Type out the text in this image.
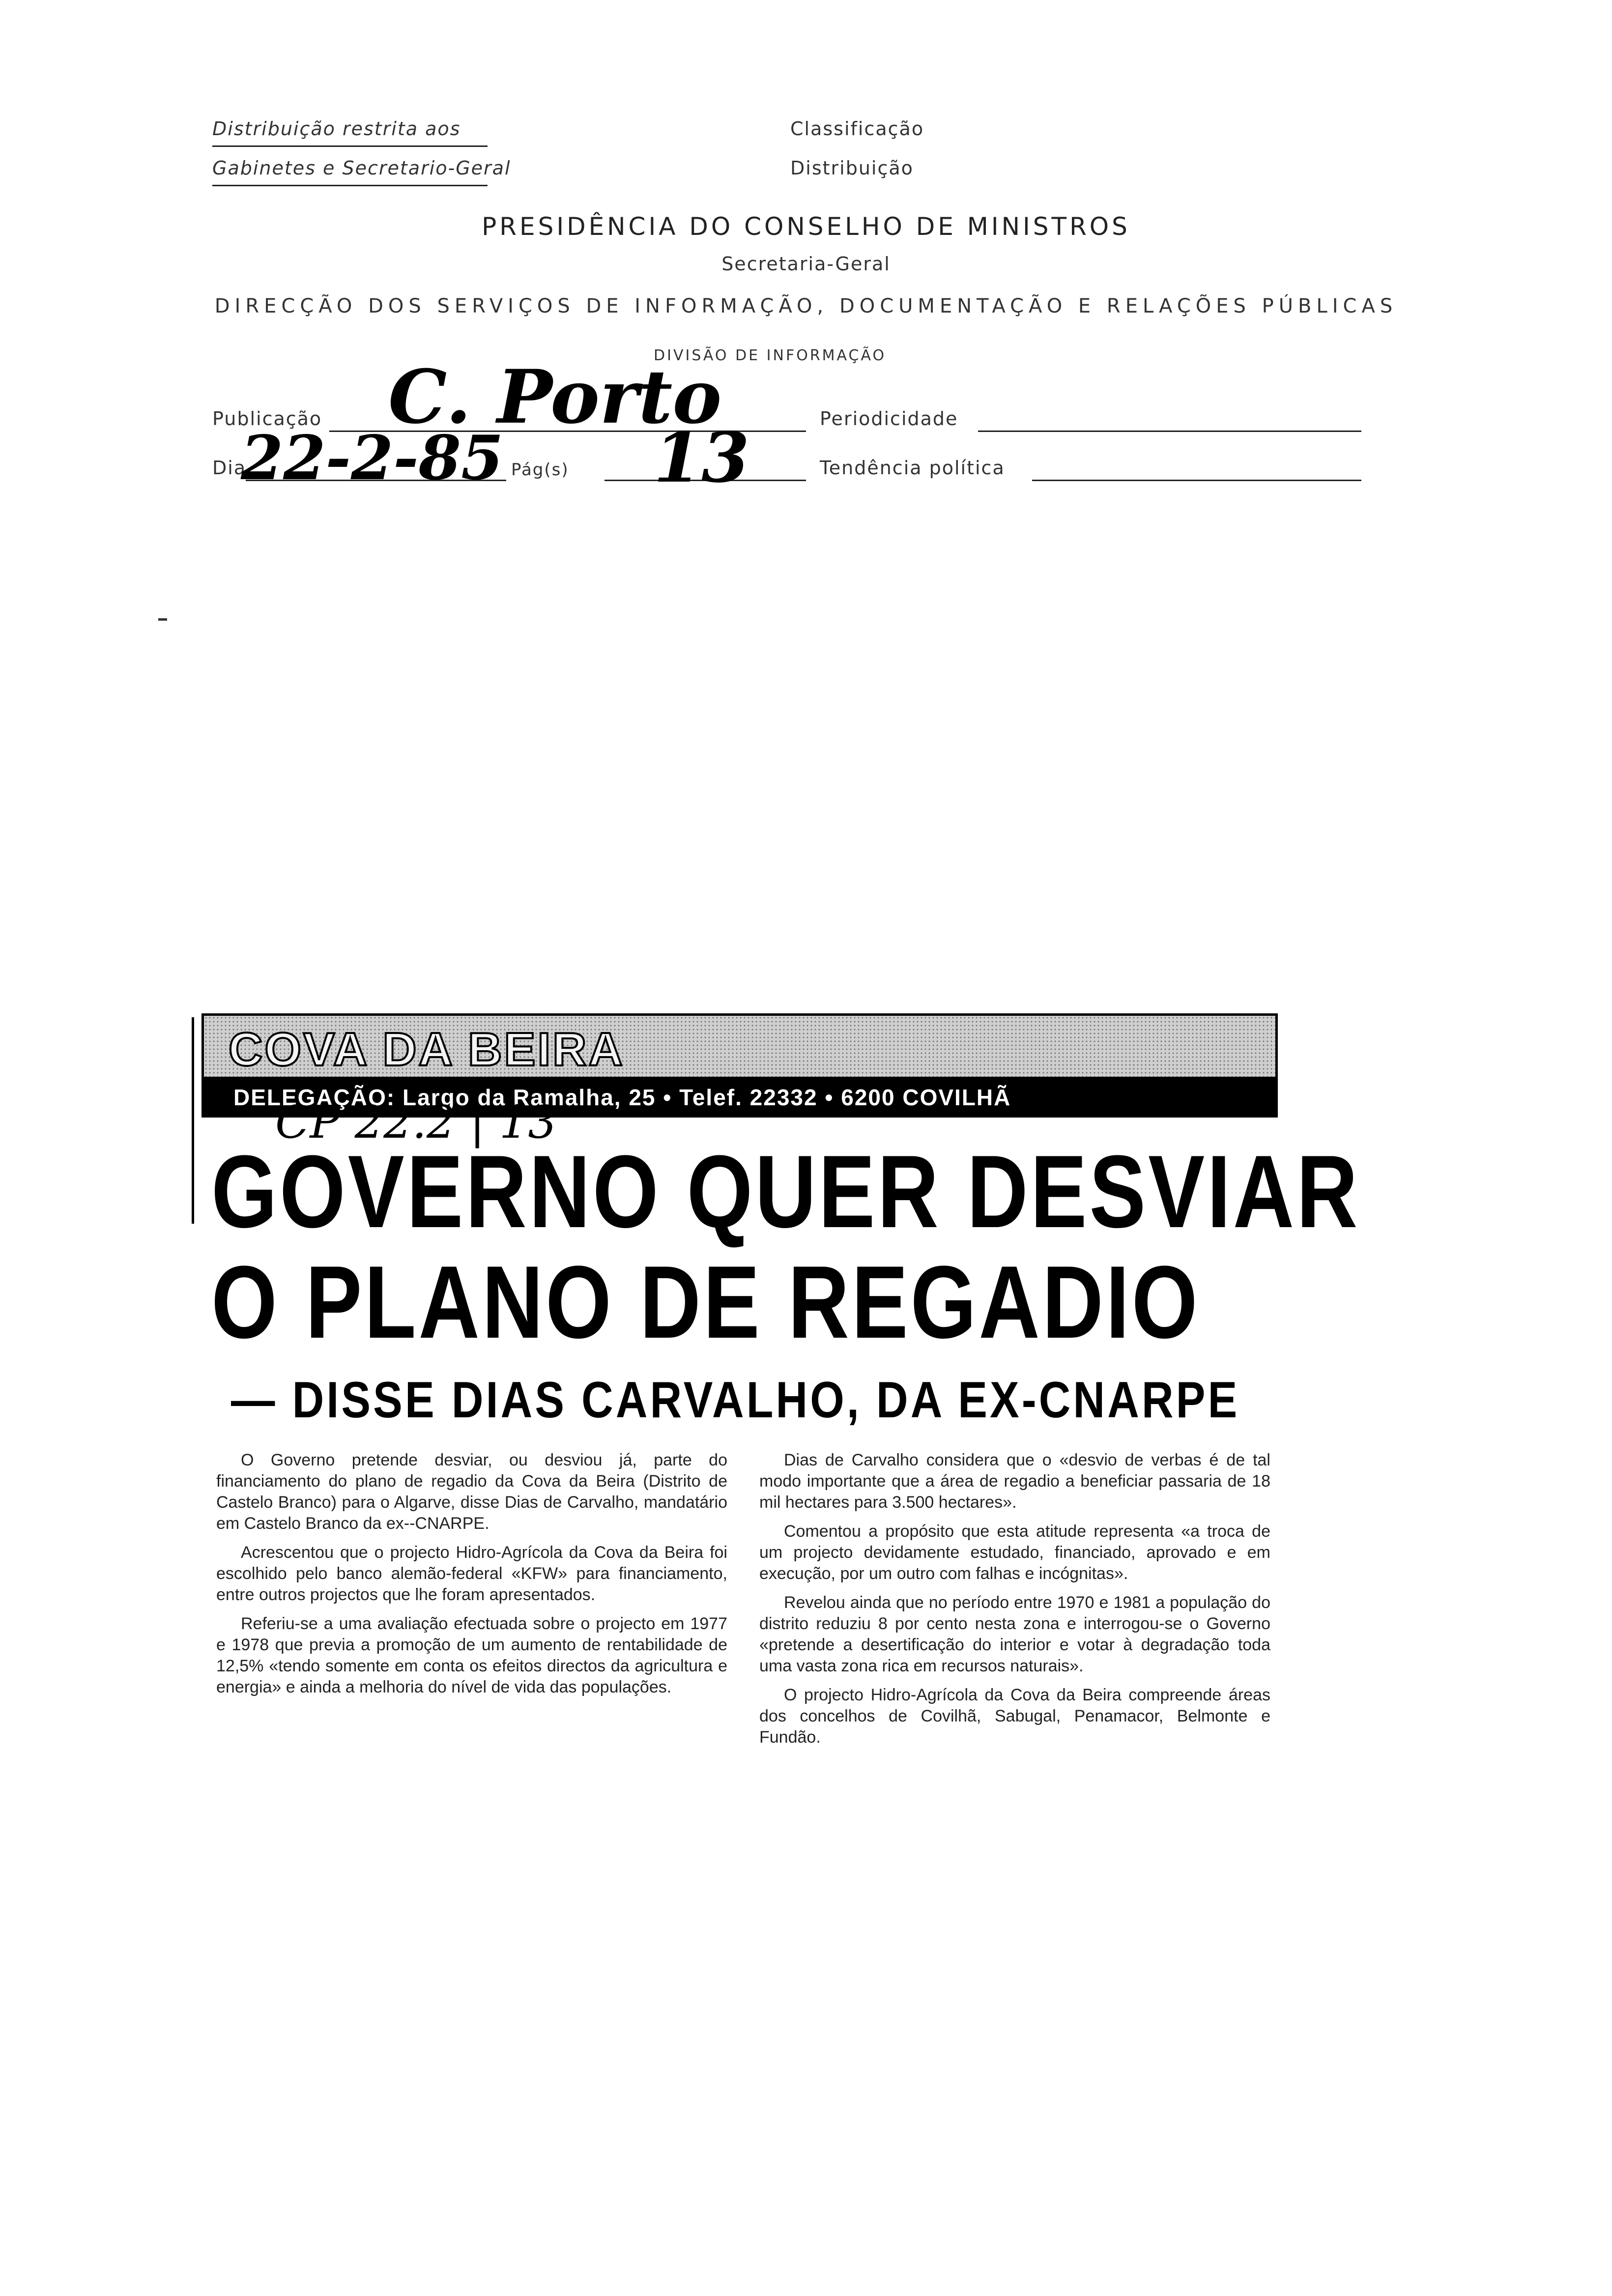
Distribuição restrita aos
Gabinetes e Secretario-Geral
Classificação
Distribuição
PRESIDÊNCIA DO CONSELHO DE MINISTROS
Secretaria-Geral
DIRECÇÃO DOS SERVIÇOS DE INFORMAÇÃO, DOCUMENTAÇÃO E RELAÇÕES PÚBLICAS
DIVISÃO DE INFORMAÇÃO
Publicação C. Porto	Periodicidade
Dia
22-2-85 Pág(s) 13	Tendência política
COVA DA BEIRA
DELEGAÇÃO: Largo da Ramalha, 25 • Telef. 22332 • 6200 COVILHÃ
CP 22.2 | 13
GOVERNO QUER DESVIAR
O PLANO DE REGADIO
— DISSE DIAS CARVALHO, DA EX-CNARPE

O Governo pretende desviar, ou desviou já, parte do financiamento do plano de regadio da Cova da Beira (Distrito de Castelo Branco) para o Algarve, disse Dias de Carvalho, mandatário em Castelo Branco da ex--CNARPE.

Acrescentou que o projecto Hidro-Agrícola da Cova da Beira foi escolhido pelo banco alemão-federal «KFW» para financiamento, entre outros projectos que lhe foram apresentados.

Referiu-se a uma avaliação efectuada sobre o projecto em 1977 e 1978 que previa a promoção de um aumento de rentabilidade de 12,5% «tendo somente em conta os efeitos directos da agricultura e energia» e ainda a melhoria do nível de vida das populações.

Dias de Carvalho considera que o «desvio de verbas é de tal modo importante que a área de regadio a beneficiar passaria de 18 mil hectares para 3.500 hectares».

Comentou a propósito que esta atitude representa «a troca de um projecto devidamente estudado, financiado, aprovado e em execução, por um outro com falhas e incógnitas».

Revelou ainda que no período entre 1970 e 1981 a população do distrito reduziu 8 por cento nesta zona e interrogou-se o Governo «pretende a desertificação do interior e votar à degradação toda uma vasta zona rica em recursos naturais».

O projecto Hidro-Agrícola da Cova da Beira compreende áreas dos concelhos de Covilhã, Sabugal, Penamacor, Belmonte e Fundão.
